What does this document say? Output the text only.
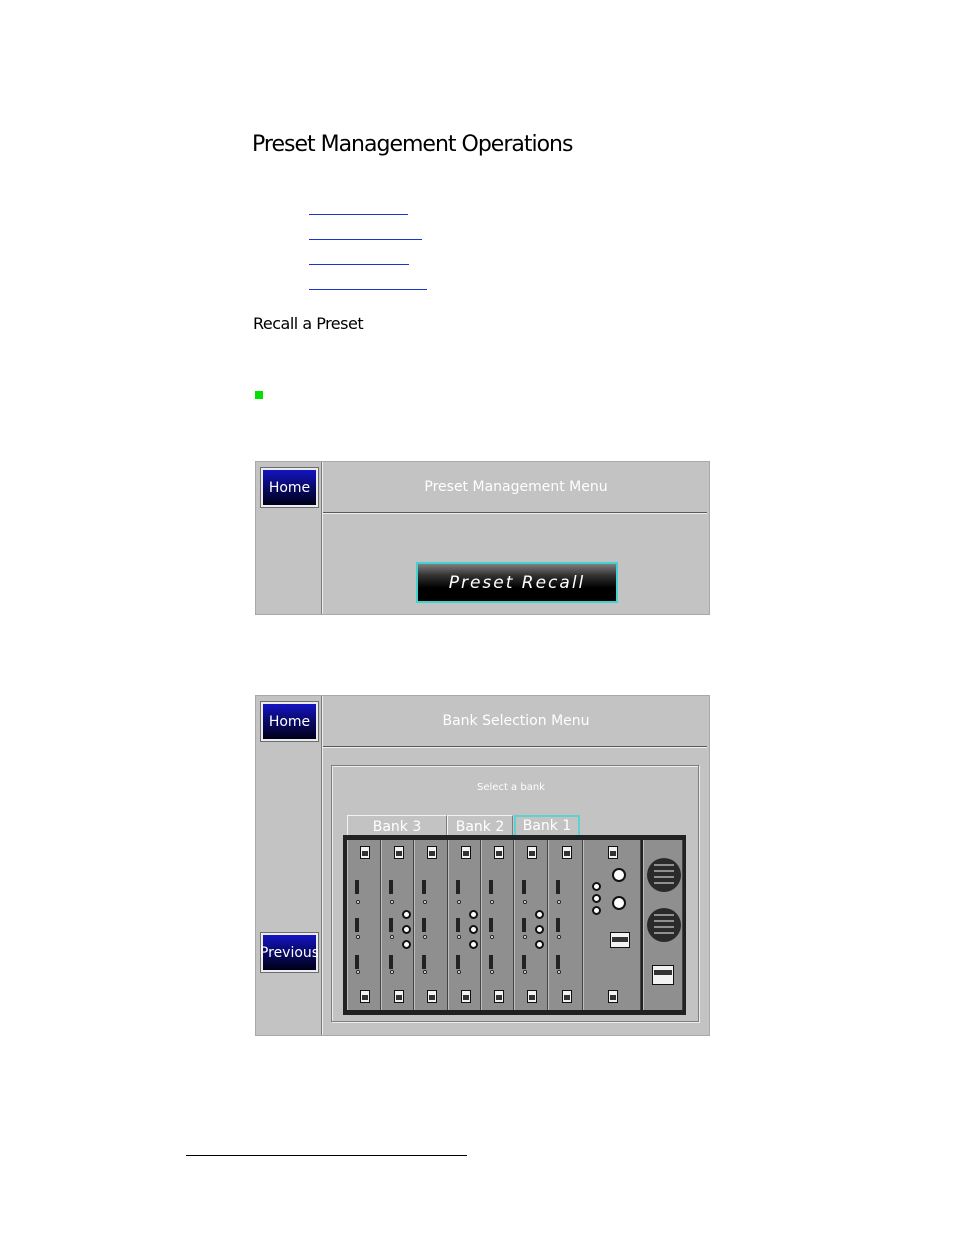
Preset Management Operations
Recall a Preset
Home	Preset Management Menu
Preset Recall
Home	Bank Selection Menu
Previous
Select a bank
Bank 3 Bank 2 Bank 1
